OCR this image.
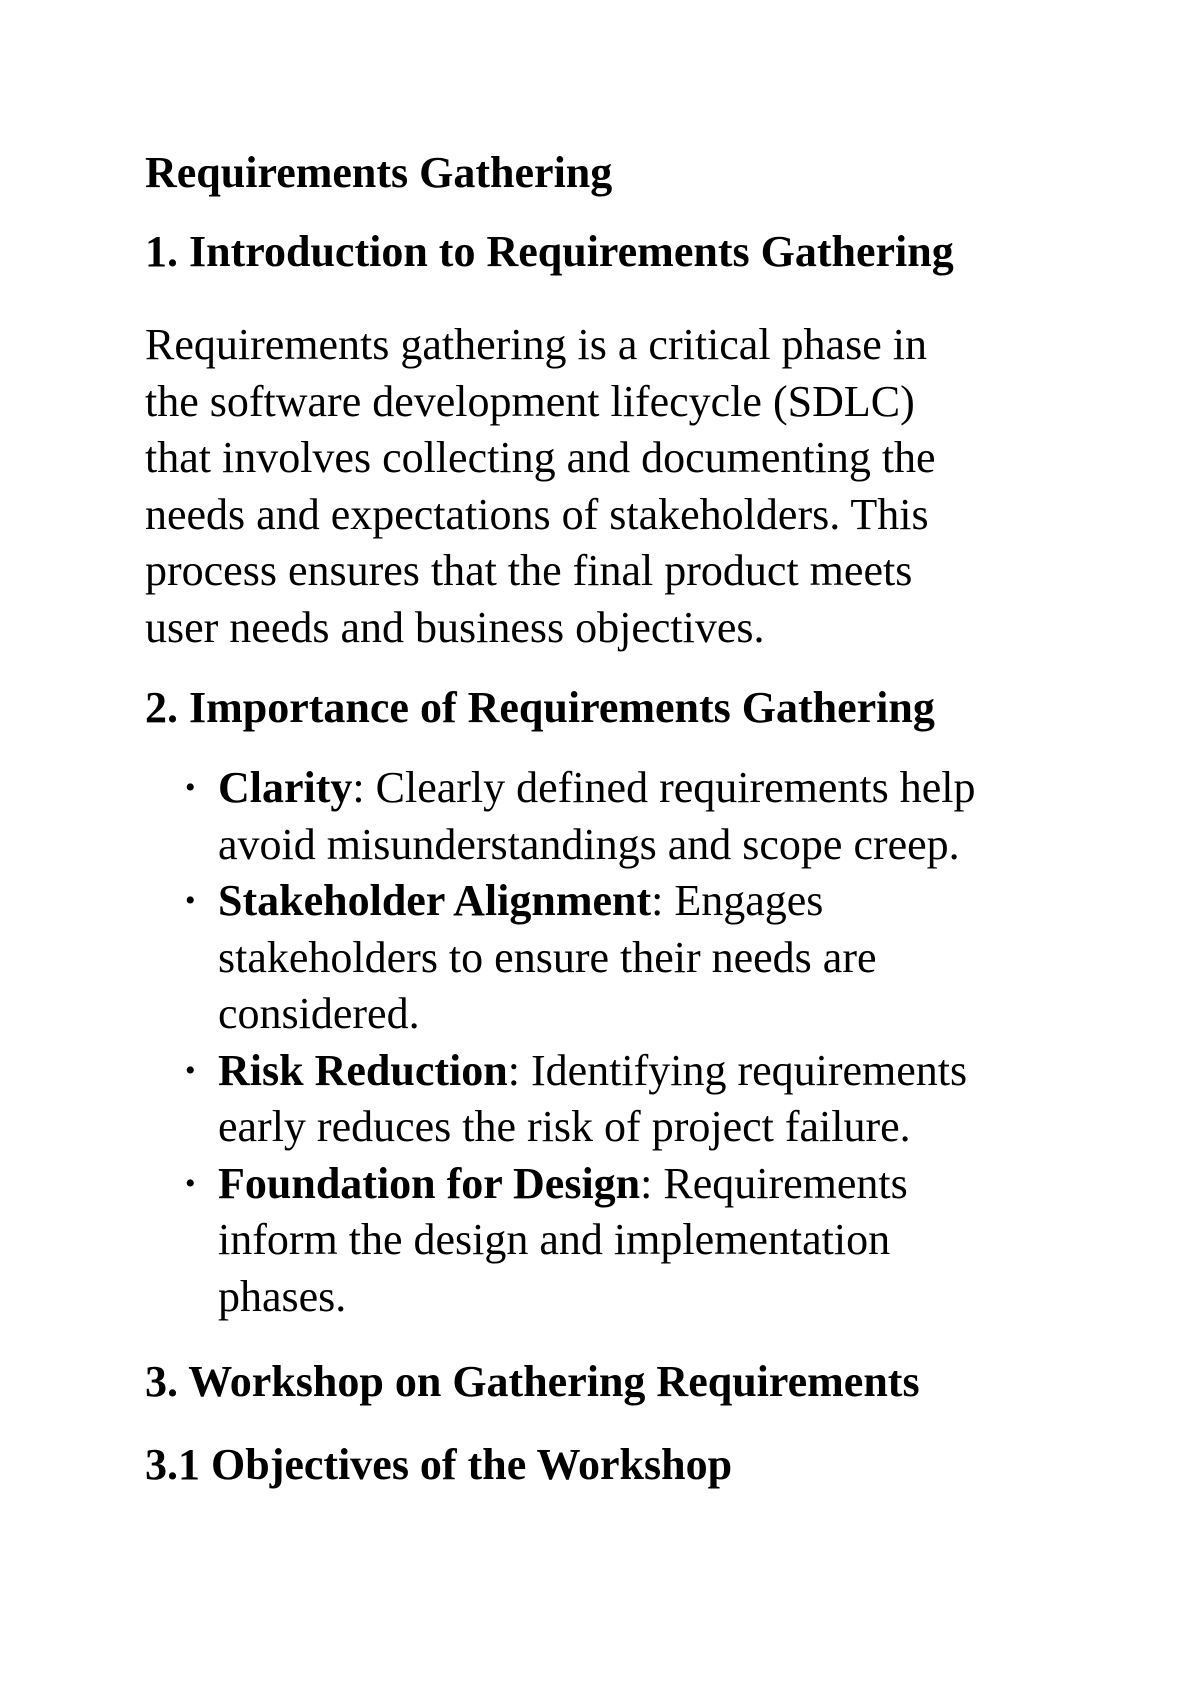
Requirements Gathering
1. Introduction to Requirements Gathering
Requirements gathering is a critical phase in
the software development lifecycle (SDLC)
that involves collecting and documenting the
needs and expectations of stakeholders. This
process ensures that the final product meets
user needs and business objectives.
2. Importance of Requirements Gathering
• Clarity: Clearly defined requirements help
avoid misunderstandings and scope creep.
• Stakeholder Alignment: Engages
stakeholders to ensure their needs are
considered.
• Risk Reduction: Identifying requirements
early reduces the risk of project failure.
• Foundation for Design: Requirements
inform the design and implementation
phases.
3. Workshop on Gathering Requirements
3.1 Objectives of the Workshop
